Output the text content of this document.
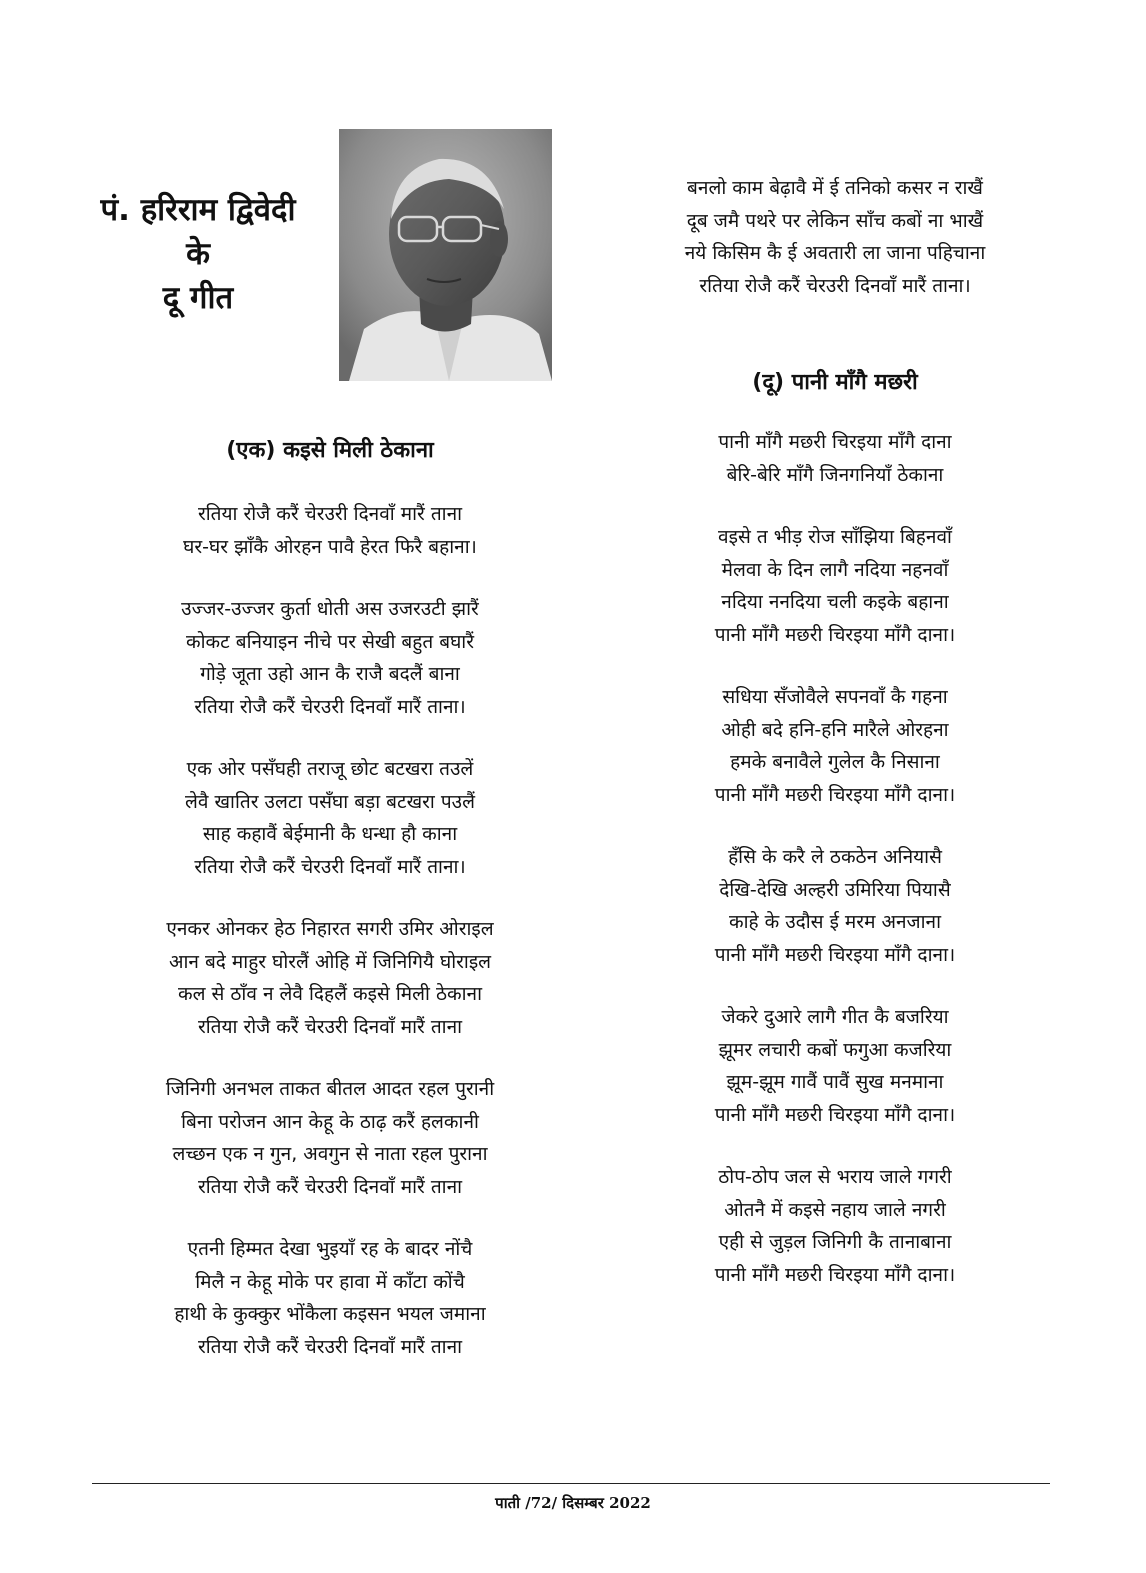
पं. हरिराम द्विवेदी
के
दू गीत
(एक) कइसे मिली ठेकाना
रतिया रोजै करैं चेरउरी दिनवाँ मारैं ताना
घर-घर झाँकै ओरहन पावै हेरत फिरै बहाना।
उज्जर-उज्जर कुर्ता धोती अस उजरउटी झारैं
कोकट बनियाइन नीचे पर सेखी बहुत बघारैं
गोड़े जूता उहो आन कै राजै बदलैं बाना
रतिया रोजै करैं चेरउरी दिनवाँ मारैं ताना।
एक ओर पसँघही तराजू छोट बटखरा तउलें
लेवै खातिर उलटा पसँघा बड़ा बटखरा पउलैं
साह कहावैं बेईमानी कै धन्धा हौ काना
रतिया रोजै करैं चेरउरी दिनवाँ मारैं ताना।
एनकर ओनकर हेठ निहारत सगरी उमिर ओराइल
आन बदे माहुर घोरलैं ओहि में जिनिगियै घोराइल
कल से ठाँव न लेवै दिहलैं कइसे मिली ठेकाना
रतिया रोजै करैं चेरउरी दिनवाँ मारैं ताना
जिनिगी अनभल ताकत बीतल आदत रहल पुरानी
बिना परोजन आन केहू के ठाढ़ करैं हलकानी
लच्छन एक न गुन, अवगुन से नाता रहल पुराना
रतिया रोजै करैं चेरउरी दिनवाँ मारैं ताना
एतनी हिम्मत देखा भुइयाँ रह के बादर नोंचै
मिलै न केहू मोके पर हावा में काँटा कोंचै
हाथी के कुक्कुर भोंकैला कइसन भयल जमाना
रतिया रोजै करैं चेरउरी दिनवाँ मारैं ताना
बनलो काम बेढ़ावै में ई तनिको कसर न राखैं
दूब जमै पथरे पर लेकिन साँच कबों ना भाखैं
नये किसिम कै ई अवतारी ला जाना पहिचाना
रतिया रोजै करैं चेरउरी दिनवाँ मारैं ताना।
(दू) पानी माँगै मछरी
पानी माँगै मछरी चिरइया माँगै दाना
बेरि-बेरि माँगै जिनगनियाँ ठेकाना
वइसे त भीड़ रोज साँझिया बिहनवाँ
मेलवा के दिन लागै नदिया नहनवाँ
नदिया ननदिया चली कइके बहाना
पानी माँगै मछरी चिरइया माँगै दाना।
सधिया सँजोवैले सपनवाँ कै गहना
ओही बदे हनि-हनि मारैले ओरहना
हमके बनावैले गुलेल कै निसाना
पानी माँगै मछरी चिरइया माँगै दाना।
हँसि के करै ले ठकठेन अनियासै
देखि-देखि अल्हरी उमिरिया पियासै
काहे के उदौस ई मरम अनजाना
पानी माँगै मछरी चिरइया माँगै दाना।
जेकरे दुआरे लागै गीत कै बजरिया
झूमर लचारी कबों फगुआ कजरिया
झूम-झूम गावैं पावैं सुख मनमाना
पानी माँगै मछरी चिरइया माँगै दाना।
ठोप-ठोप जल से भराय जाले गगरी
ओतनै में कइसे नहाय जाले नगरी
एही से जुड़ल जिनिगी कै तानाबाना
पानी माँगै मछरी चिरइया माँगै दाना।
पाती /72/ दिसम्बर 2022
